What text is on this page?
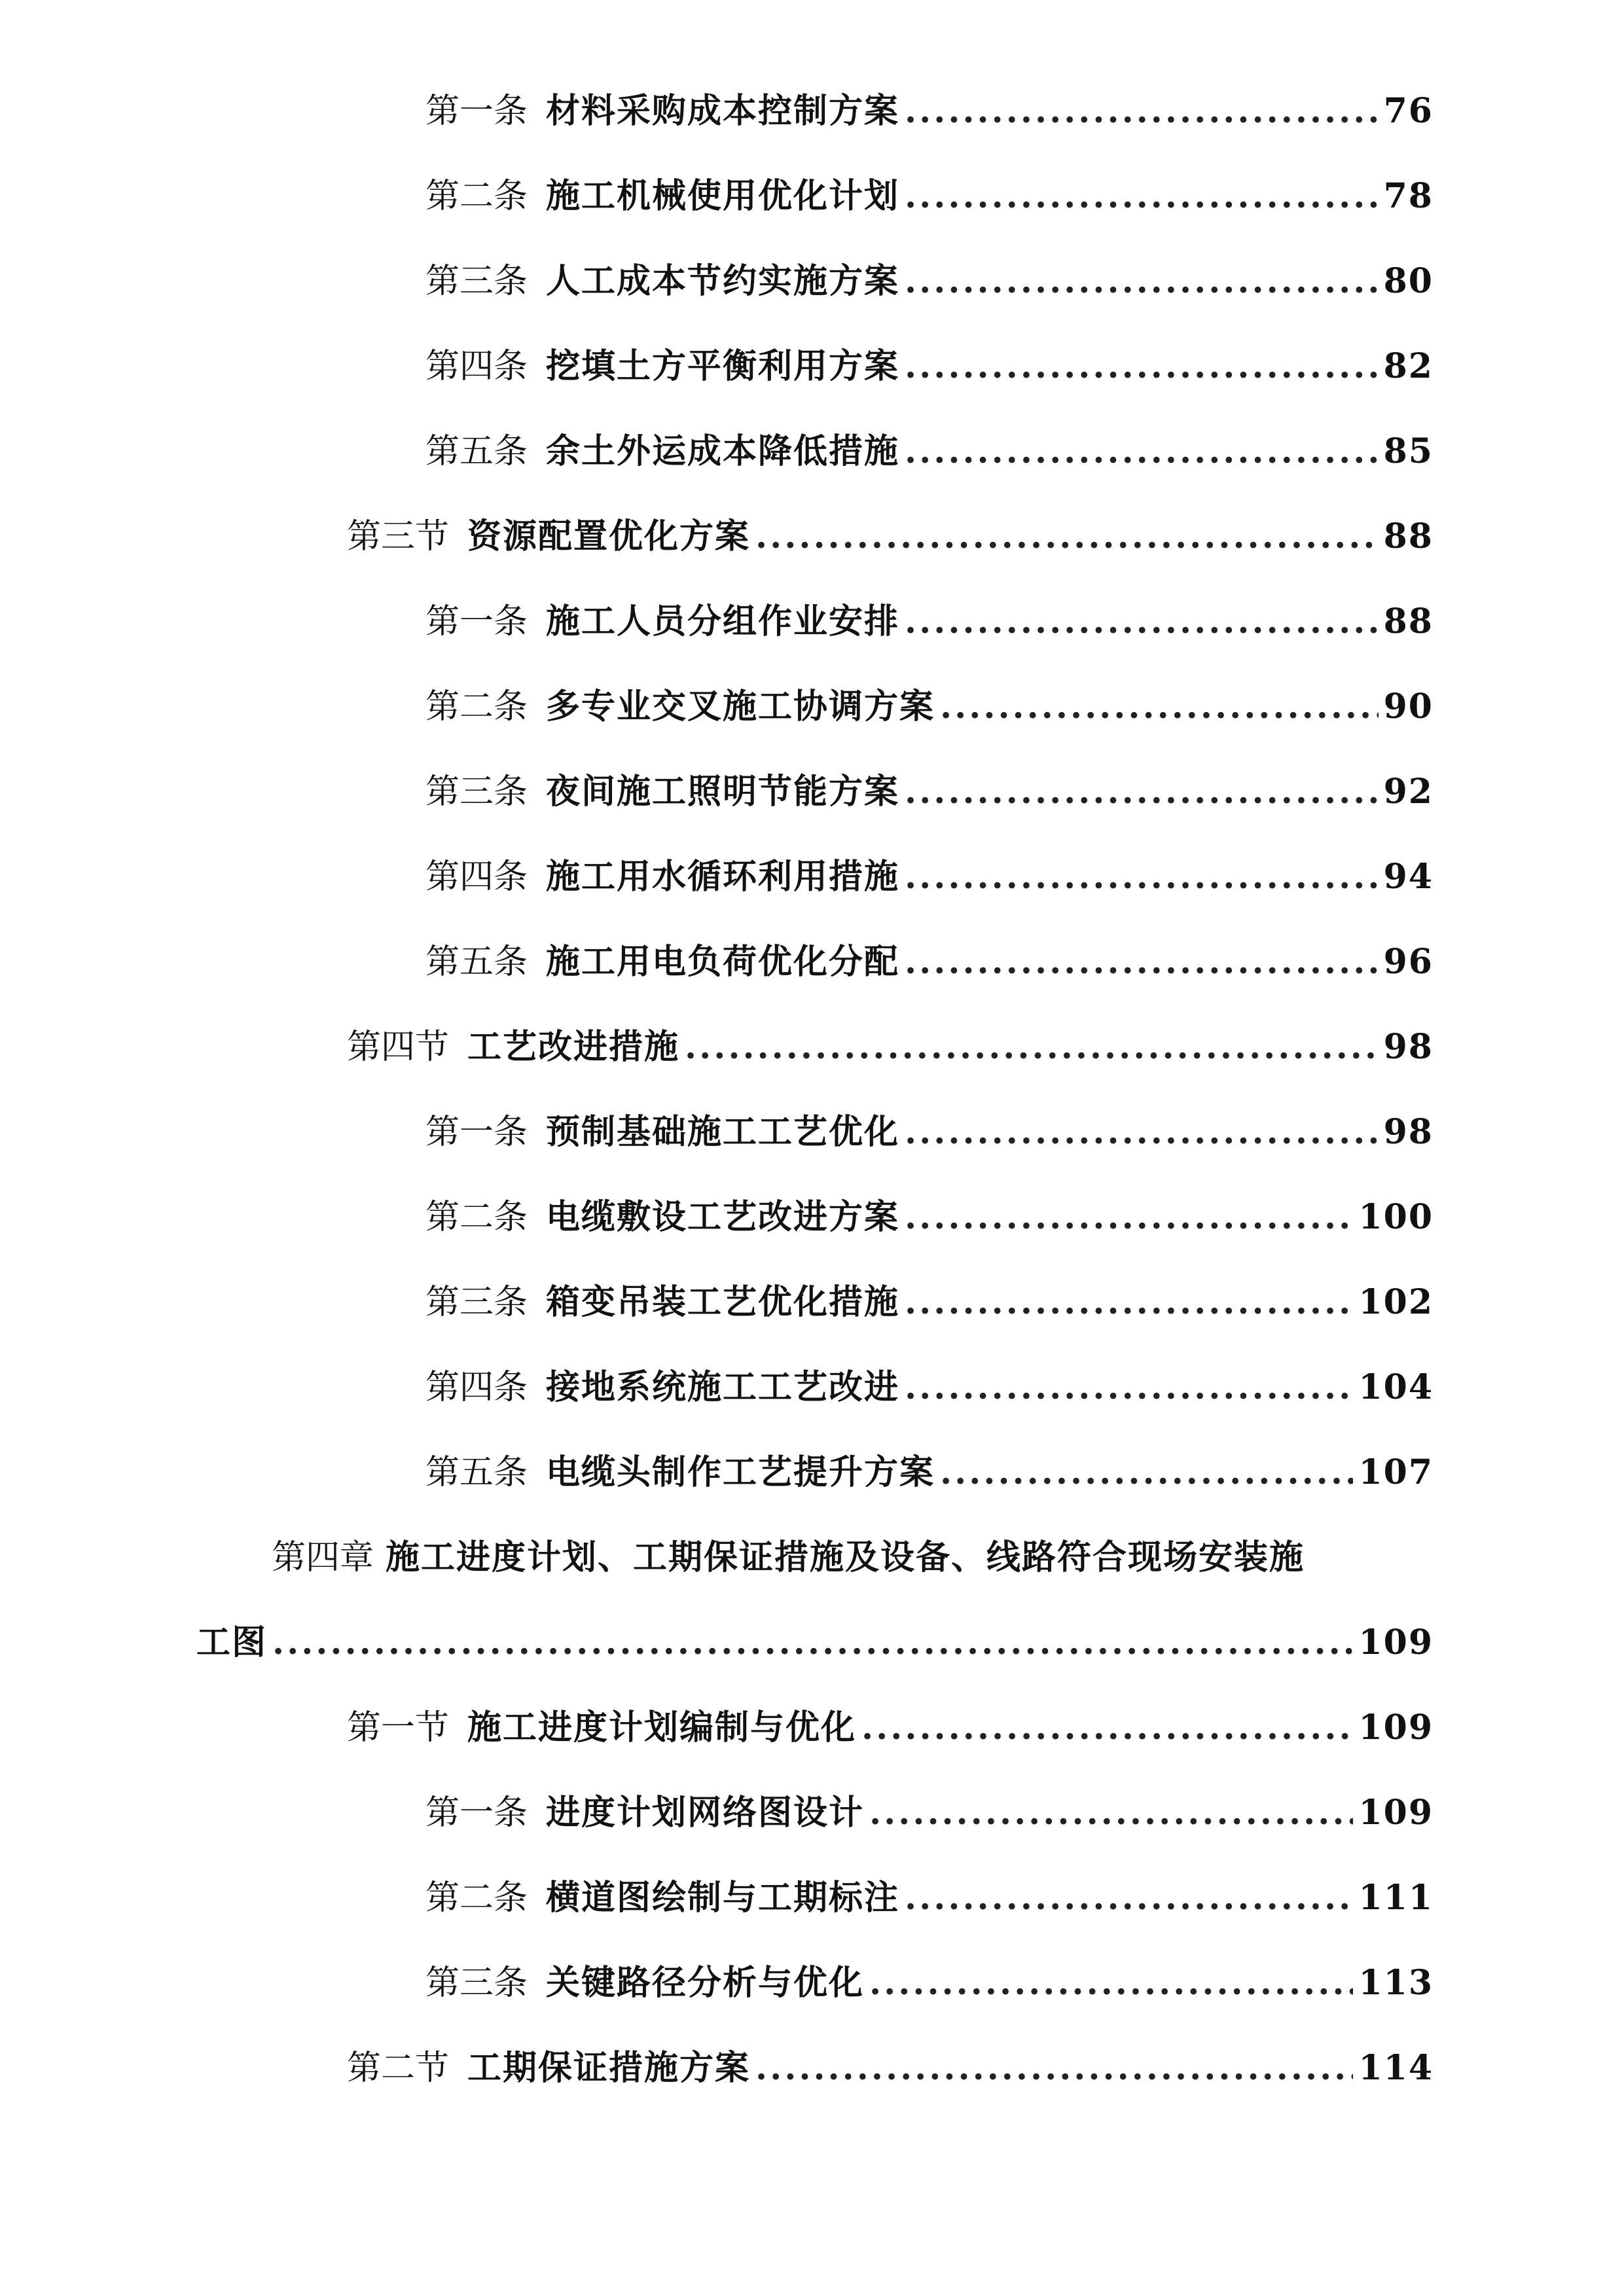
第一条 材料采购成本控制方案 .....	76
第二条 施工机械使用优化计划 .....	78
第三条 人工成本节约实施方案 .....	80
第四条 挖填土方平衡利用方案 .....	82
第五条 余土外运成本降低措施 .....	85
第三节 资源配置优化方案 .....	88
第一条 施工人员分组作业安排 .....	88
第二条 多专业交叉施工协调方案 .....	90
第三条 夜间施工照明节能方案 .....	92
第四条 施工用水循环利用措施 .....	94
第五条 施工用电负荷优化分配 .....	96
第四节 工艺改进措施 .....	98
第一条 预制基础施工工艺优化 .....	98
第二条 电缆敷设工艺改进方案 .....	100
第三条 箱变吊装工艺优化措施 .....	102
第四条 接地系统施工工艺改进 .....	104
第五条 电缆头制作工艺提升方案 .....	107
第四章 施工进度计划、工期保证措施及设备、线路符合现场安装施
工图 .....	109
第一节 施工进度计划编制与优化 .....	109
第一条 进度计划网络图设计 .....	109
第二条 横道图绘制与工期标注 .....	111
第三条 关键路径分析与优化 .....	113
第二节 工期保证措施方案 .....	114
